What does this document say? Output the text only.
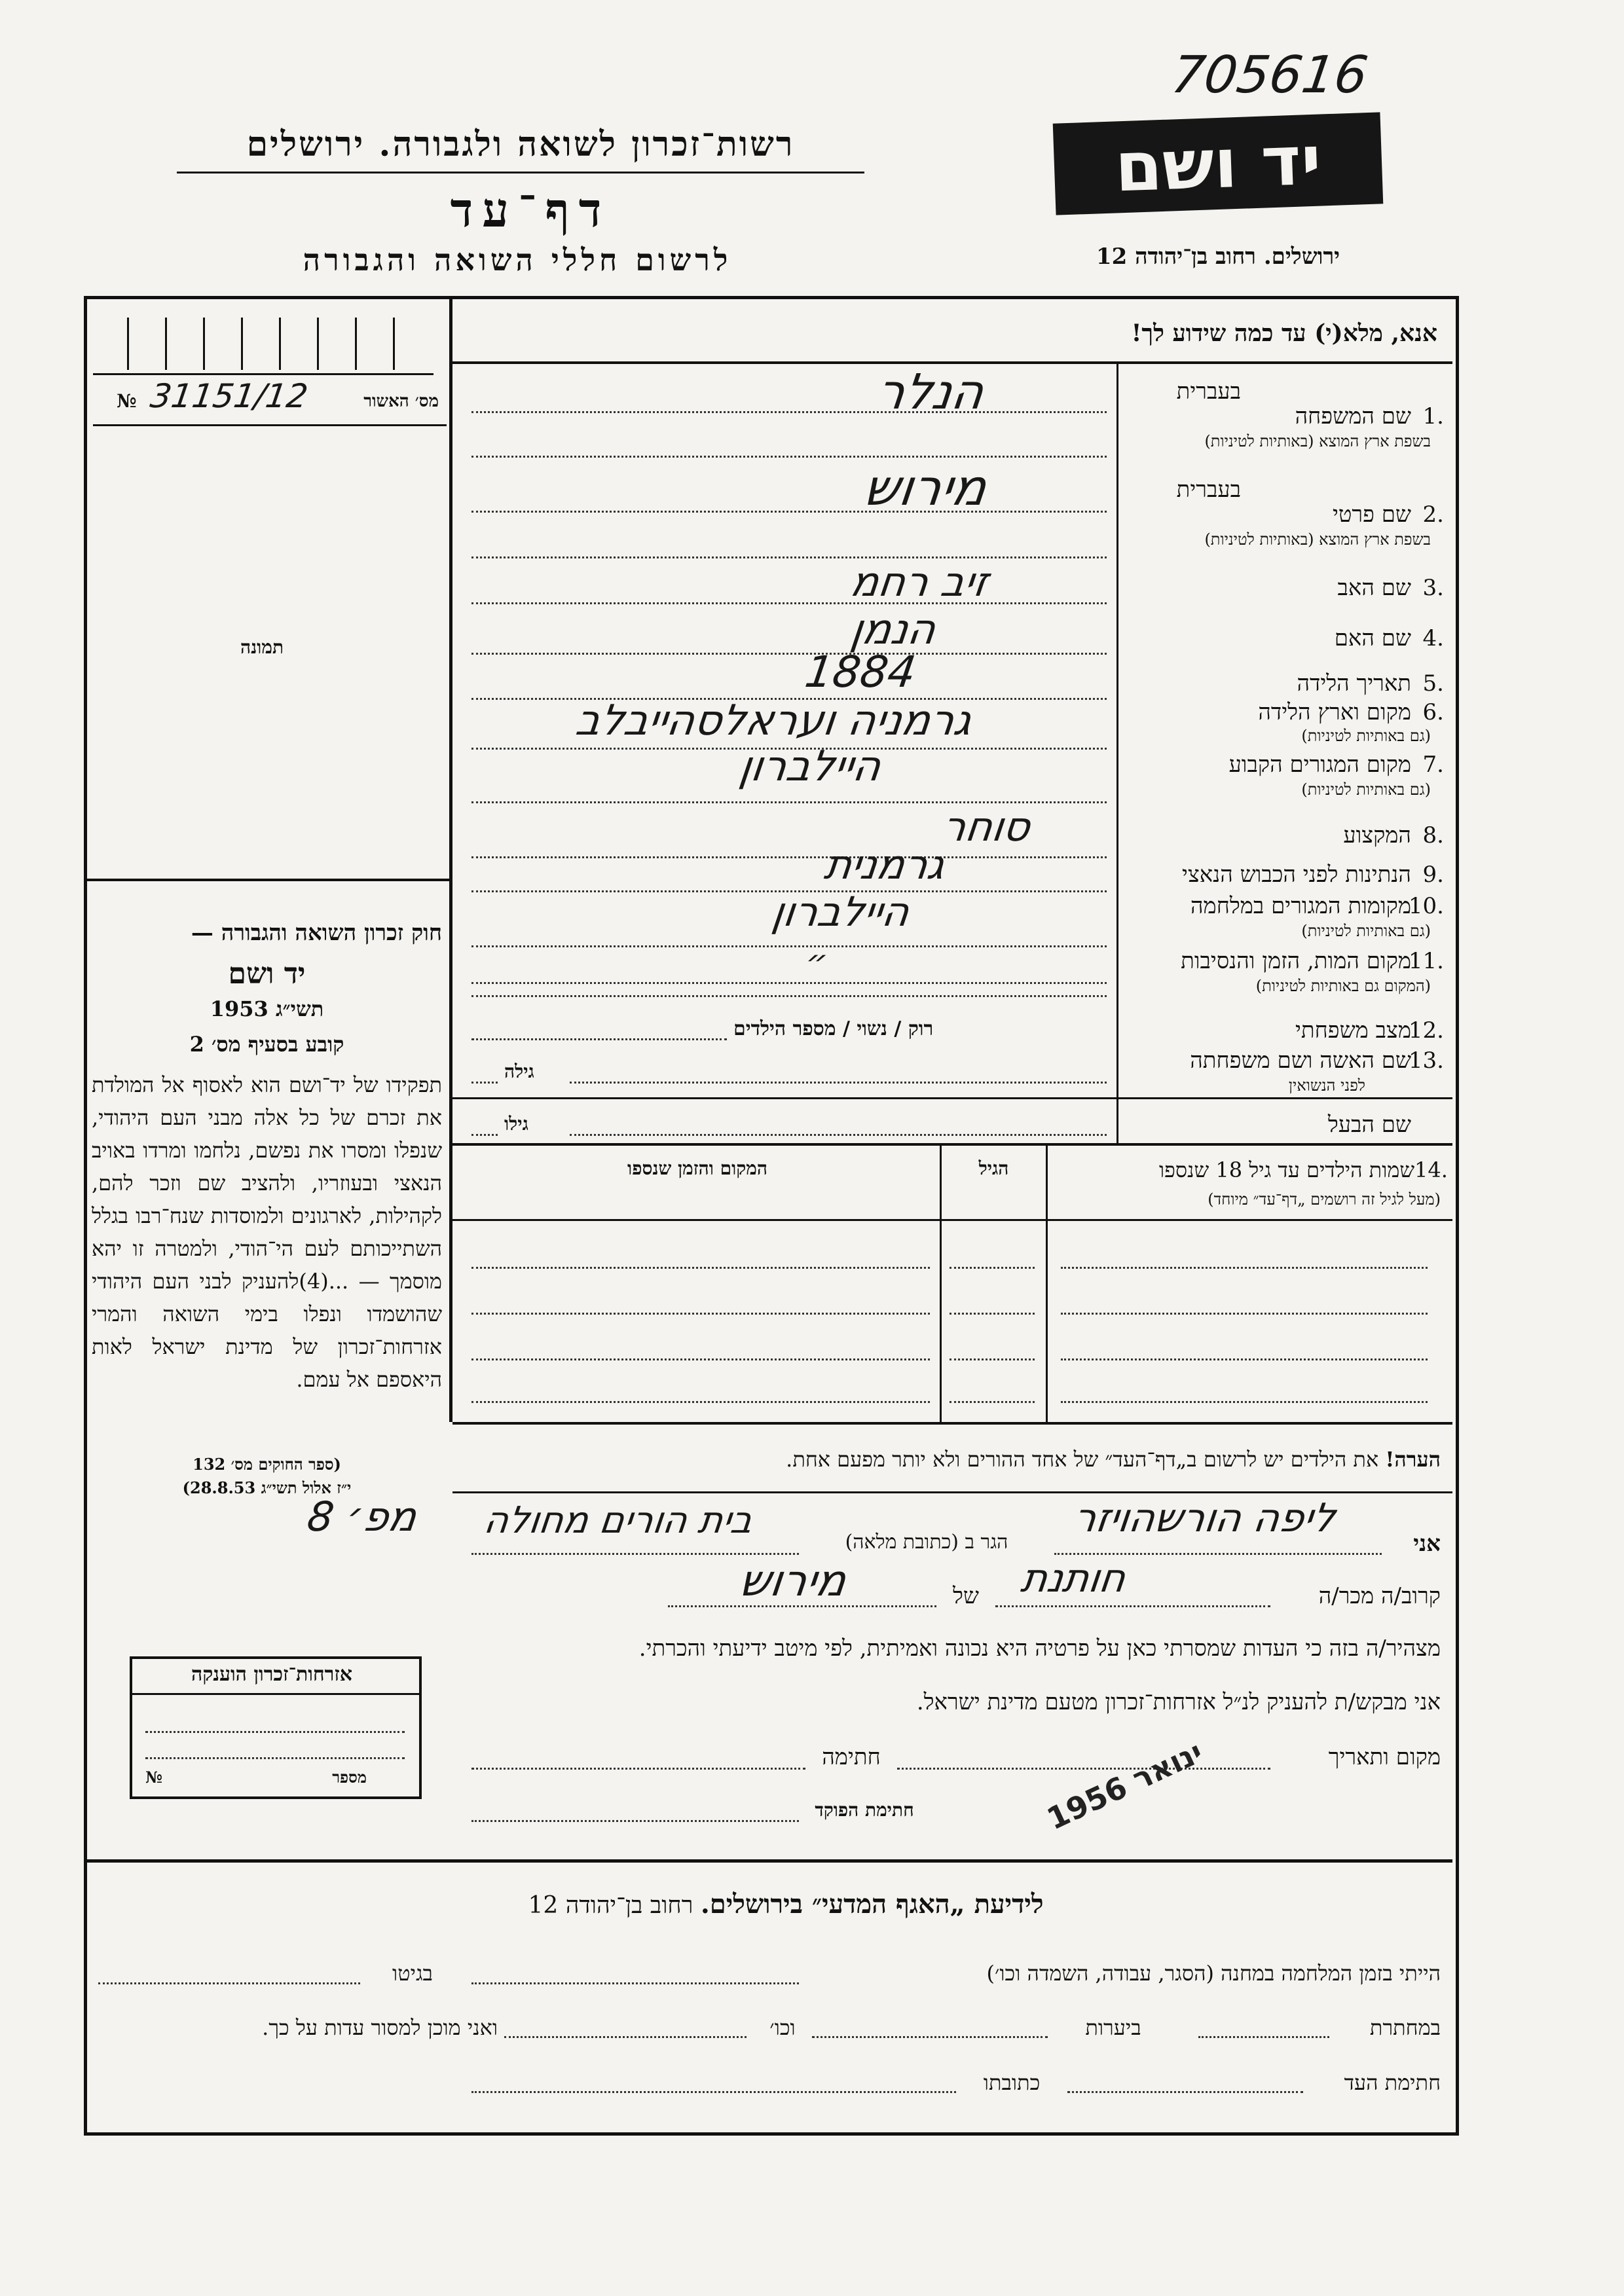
705616
רשות־זכרון לשואה ולגבורה. ירושלים
דף־עד
לרשום חללי השואה והגבורה
יד ושם
ירושלים. רחוב בן־יהודה 12
אנא, מלא(י) עד כמה שידוע לך!
№ 31151/12	מס׳ האשור
תמונה
חוק זכרון השואה והגבורה —
יד ושם
תשי״ג 1953
קובע בסעיף מס׳ 2
תפקידו של יד־ושם הוא לאסוף אל המולדת את זכרם של כל אלה מבני העם היהודי, שנפלו ומסרו את נפשם, נלחמו ומרדו באויב הנאצי ובעוזריו, ולהציב שם וזכר להם, לקהילות, לארגונים ולמוסדות שנח־רבו בגלל השתייכותם לעם הי־הודי, ולמטרה זו יהא מוסמך — ...(4)להעניק לבני העם היהודי שהושמדו ונפלו בימי השואה והמרי אזרחות־זכרון של מדינת ישראל לאות היאספם אל עמם.
(ספר החוקים מס׳ 132
י״ז אלול תשי״ג 28.8.53)
אזרחות־זכרון הוענקה
№	מספר
שם המשפחה 1.
בעברית
בשפת ארץ המוצא (באותיות לטיניות)
הנלר
שם פרטי 2.
בעברית
בשפת ארץ המוצא (באותיות לטיניות)
מירוש
שם האב 3.
זיב רחמ
שם האם 4.
הנמן
תאריך הלידה 5.
1884
מקום וארץ הלידה 6.
(גם באותיות לטיניות)
גרמניה ועראלסהייבלב
מקום המגורים הקבוע 7.
(גם באותיות לטיניות)
היילברון
המקצוע 8.
סוחר
הנתינות לפני הכבוש הנאצי 9.
גרמנית
מקומות המגורים במלחמה
10.
(גם באותיות לטיניות)
היילברון
מקום המות, הזמן והנסיבות
11.
(המקום גם באותיות לטיניות)
״
מצב משפחתי
12.
רוק / נשוי / מספר הילדים
שם האשה ושם משפחתה
13.
לפני הנשואין
גילה
שם הבעל
גילו
שמות הילדים עד גיל 18 שנספו 14.
(מעל לגיל זה רושמים „דף־עד״ מיוחד)
הגיל
המקום והזמן שנספו
הערה! את הילדים יש לרשום ב„דף־העד״ של אחד ההורים ולא יותר מפעם אחת.
אני
ליפה הורשהויזר
הגר ב (כתובת מלאה)
בית הורים מחולה
קרוב/ה מכר/ה
חותנת
של
מירוש
מפ׳ 8
מצהיר/ה בזה כי העדות שמסרתי כאן על פרטיה היא נכונה ואמיתית, לפי מיטב ידיעתי והכרתי.
אני מבקש/ת להעניק לנ״ל אזרחות־זכרון מטעם מדינת ישראל.
מקום ותאריך
חתימה
חתימת הפוקד	ינואר 1956
לידיעת „האגף המדעי״ בירושלים. רחוב בן־יהודה 12
הייתי בזמן המלחמה במחנה (הסגר, עבודה, השמדה וכו׳)
בגיטו
במחתרת
ביערות
וכו׳
ואני מוכן למסור עדות על כך.
חתימת העד
כתובתו
